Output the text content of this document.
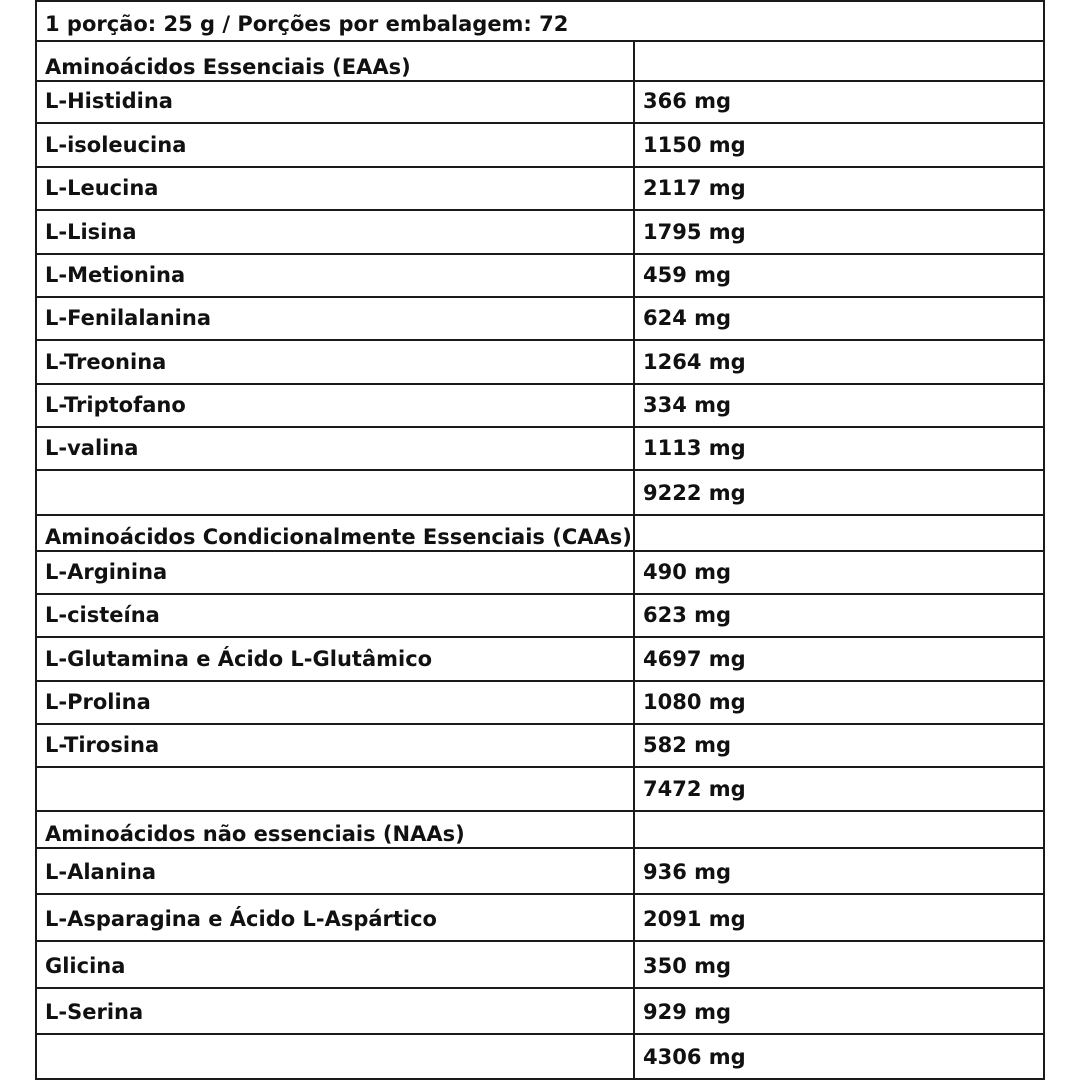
1 porção: 25 g / Porções por embalagem: 72
Aminoácidos Essenciais (EAAs)
L-Histidina	366 mg
L-isoleucina	1150 mg
L-Leucina	2117 mg
L-Lisina	1795 mg
L-Metionina	459 mg
L-Fenilalanina	624 mg
L-Treonina	1264 mg
L-Triptofano	334 mg
L-valina	1113 mg
9222 mg
Aminoácidos Condicionalmente Essenciais (CAAs)
L-Arginina	490 mg
L-cisteína	623 mg
L-Glutamina e Ácido L-Glutâmico	4697 mg
L-Prolina	1080 mg
L-Tirosina	582 mg
7472 mg
Aminoácidos não essenciais (NAAs)
L-Alanina	936 mg
L-Asparagina e Ácido L-Aspártico	2091 mg
Glicina	350 mg
L-Serina	929 mg
4306 mg
